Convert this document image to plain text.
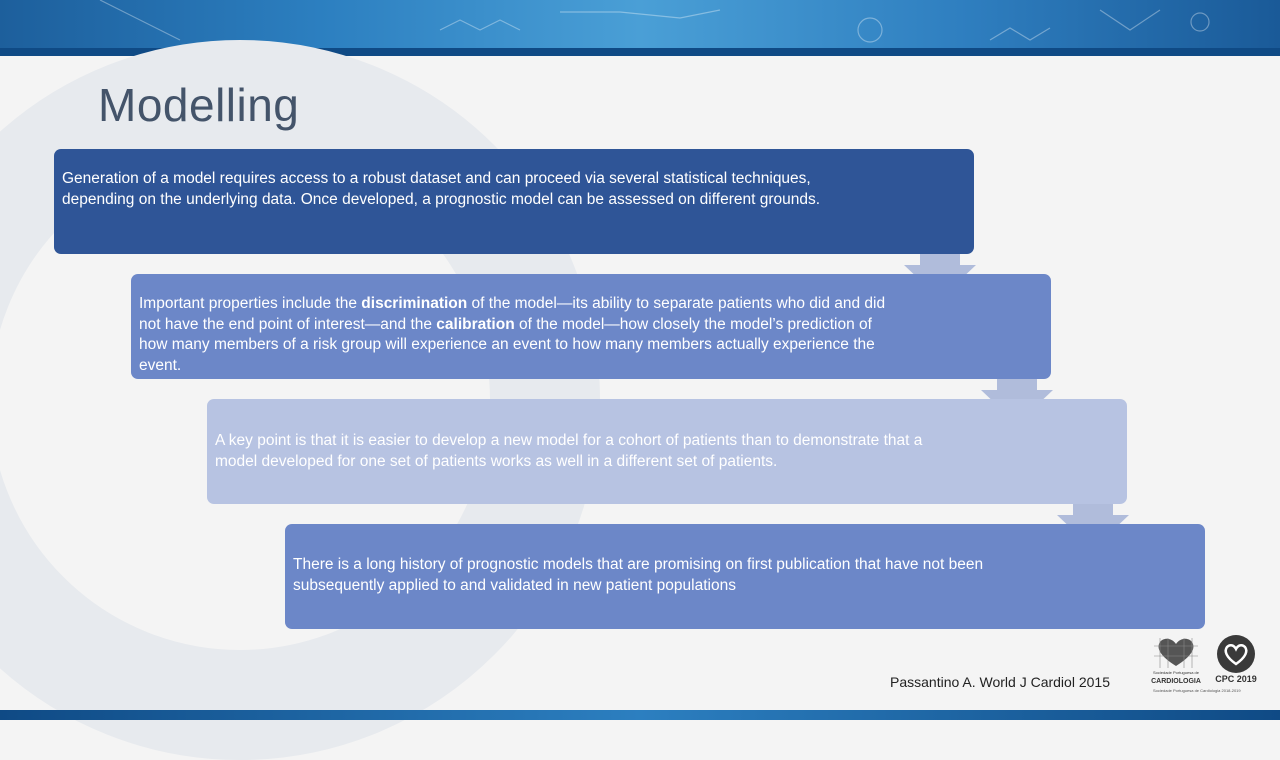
Modelling

Generation of a model requires access to a robust dataset and can proceed via several statistical techniques, depending on the underlying data. Once developed, a prognostic model can be assessed on different grounds.

Important properties include the discrimination of the model—its ability to separate patients who did and did not have the end point of interest—and the calibration of the model—how closely the model’s prediction of how many members of a risk group will experience an event to how many members actually experience the event.

A key point is that it is easier to develop a new model for a cohort of patients than to demonstrate that a model developed for one set of patients works as well in a different set of patients.

There is a long history of prognostic models that are promising on first publication that have not been subsequently applied to and validated in new patient populations

Passantino A. World J Cardiol 2015
Sociedade Portuguesa de
CARDIOLOGIA	CPC 2019
Sociedade Portuguesa de Cardiologia 2018-2019
